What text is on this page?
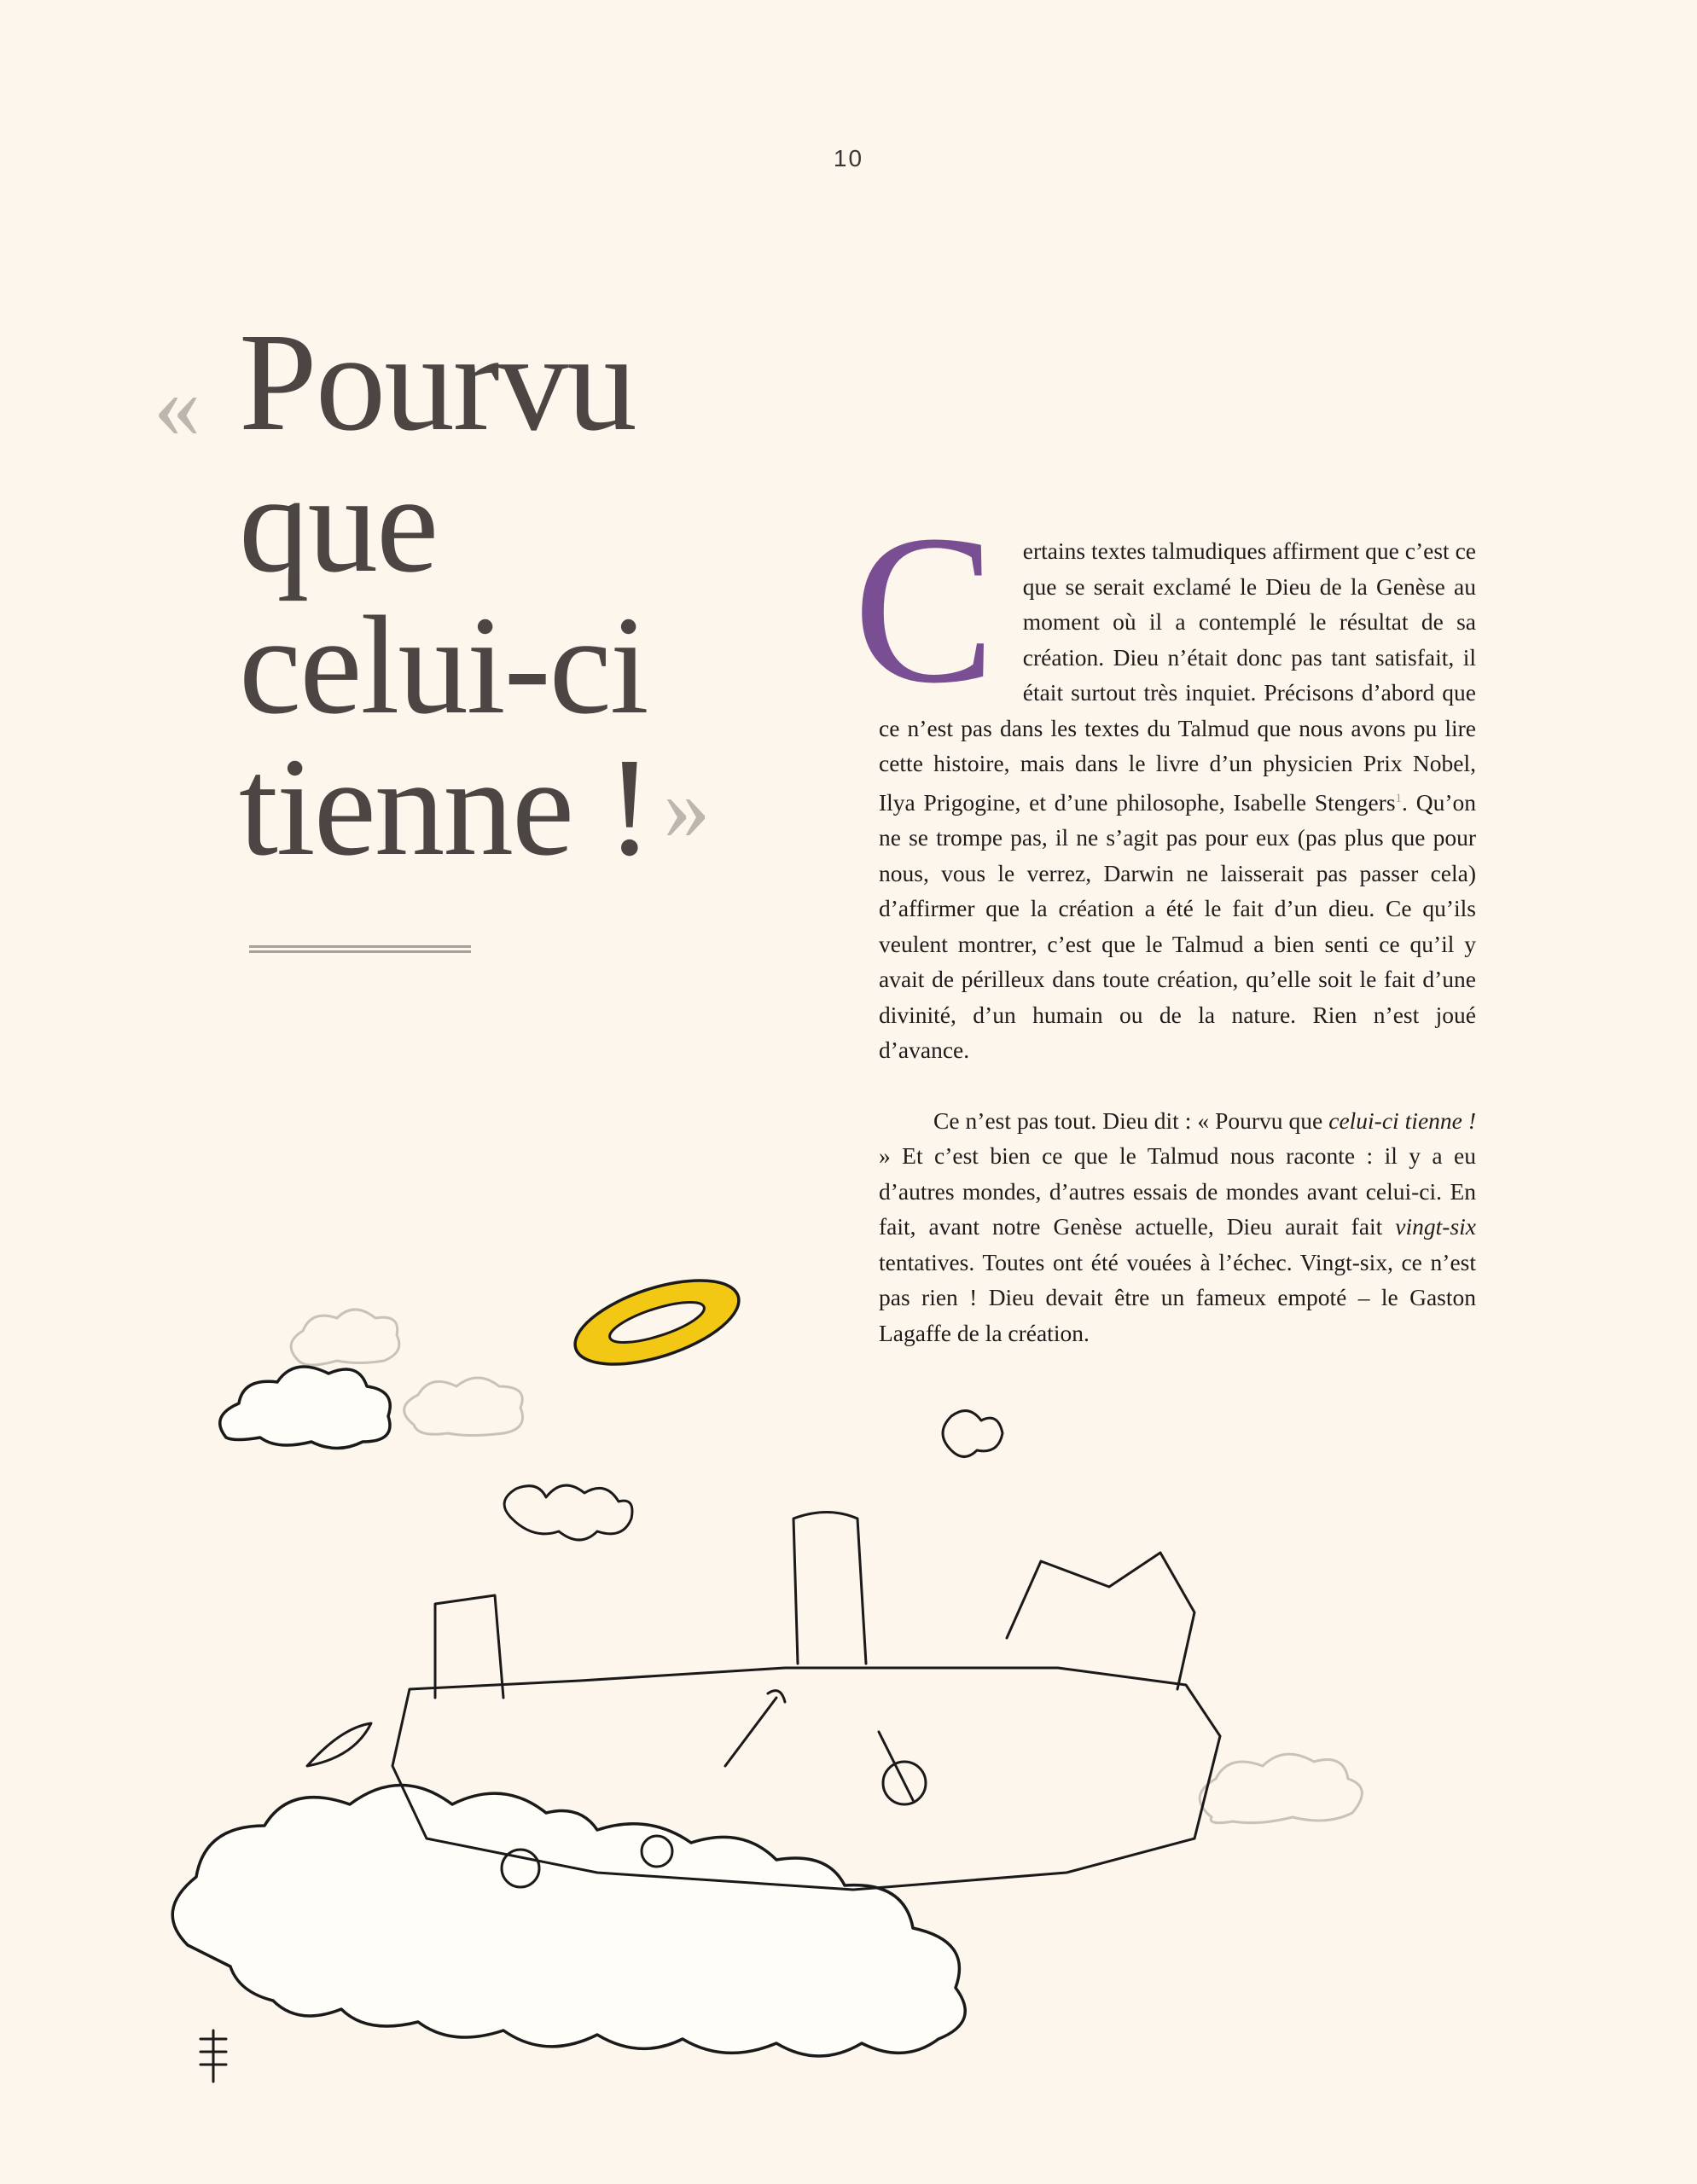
10
« Pourvu
que
celui-ci
tienne ! »

C ertains textes talmudiques affirment que c’est ce que se serait exclamé le Dieu de la Genèse au moment où il a contemplé le résultat de sa création. Dieu n’était donc pas tant satisfait, il était surtout très inquiet. Précisons d’abord que ce n’est pas dans les textes du Talmud que nous avons pu lire cette histoire, mais dans le livre d’un physicien Prix Nobel, Ilya Prigogine, et d’une philosophe, Isabelle Stengers$^1$. Qu’on ne se trompe pas, il ne s’agit pas pour eux (pas plus que pour nous, vous le verrez, Darwin ne laisserait pas passer cela) d’affirmer que la création a été le fait d’un dieu. Ce qu’ils veulent montrer, c’est que le Talmud a bien senti ce qu’il y avait de périlleux dans toute création, qu’elle soit le fait d’une divinité, d’un humain ou de la nature. Rien n’est joué d’avance.

Ce n’est pas tout. Dieu dit : « Pourvu que celui-ci tienne ! » Et c’est bien ce que le Talmud nous raconte : il y a eu d’autres mondes, d’autres essais de mondes avant celui-ci. En fait, avant notre Genèse actuelle, Dieu aurait fait vingt-six tentatives. Toutes ont été vouées à l’échec. Vingt-six, ce n’est pas rien ! Dieu devait être un fameux empoté – le Gaston Lagaffe de la création.
